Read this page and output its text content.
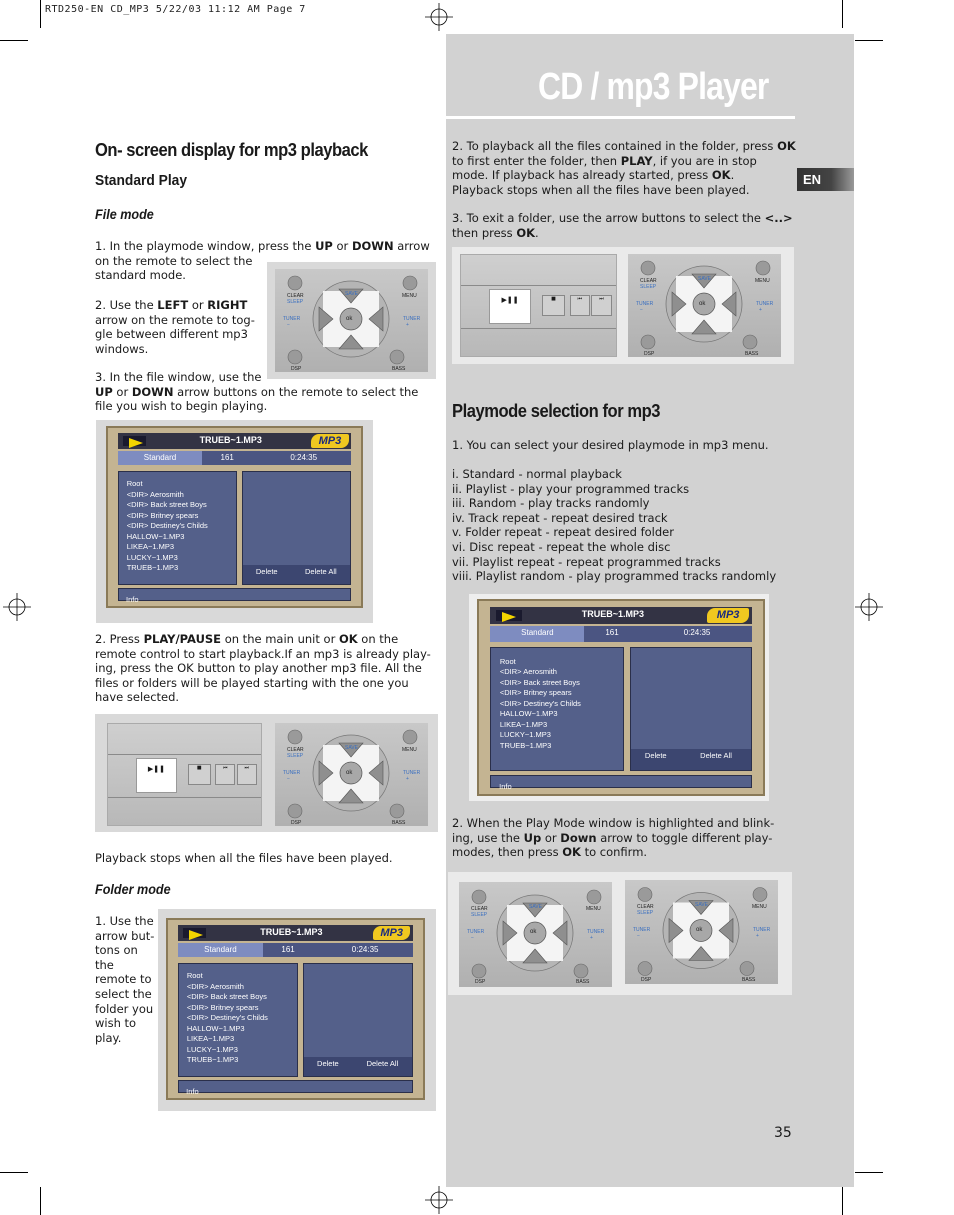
RTD250-EN CD_MP3 5/22/03 11:12 AM Page 7
CD / mp3 Player
EN
On- screen display for mp3 playback
Standard Play
File mode
1. In the playmode window, press the UP or DOWN arrow
on the remote to select the
standard mode.
2. Use the LEFT or RIGHT
arrow on the remote to tog-
gle between different mp3
windows.
3. In the file window, use the
UP or DOWN arrow buttons on the remote to select the
file you wish to begin playing.
CLEAR
SLEEP
SAVE	MENU
TUNER
−
TUNER
+
ok
DSP	BASS
TRUEB~1.MP3	MP3
Standard	161	0:24:35
Root
<DIR> Aerosmith
<DIR> Back street Boys
<DIR> Britney spears
<DIR> Destiney's Childs
HALLOW~1.MP3
LIKEA~1.MP3
LUCKY~1.MP3
TRUEB~1.MP3	Delete	Delete All
Info
2. Press PLAY/PAUSE on the main unit or OK on the
remote control to start playback.If an mp3 is already play-
ing, press the OK button to play another mp3 file. All the
files or folders will be played starting with the one you
have selected.
▶❚❚	■	⏮	⏭
CLEAR
SLEEP
SAVE	MENU
TUNER
−
TUNER
+
ok
DSP	BASS
Playback stops when all the files have been played.
Folder mode
1. Use the
arrow but-
tons on
the
remote to
select the
folder you
wish to
play.
TRUEB~1.MP3	MP3
Standard	161	0:24:35
Root
<DIR> Aerosmith
<DIR> Back street Boys
<DIR> Britney spears
<DIR> Destiney's Childs
HALLOW~1.MP3
LIKEA~1.MP3
LUCKY~1.MP3
TRUEB~1.MP3	Delete	Delete All
Info
2. To playback all the files contained in the folder, press OK
to first enter the folder, then PLAY, if you are in stop
mode. If playback has already started, press OK.
Playback stops when all the files have been played.
3. To exit a folder, use the arrow buttons to select the <..>
then press OK.
▶❚❚	■	⏮	⏭
CLEAR
SLEEP
SAVE	MENU
TUNER
−
TUNER
+
ok
DSP	BASS
Playmode selection for mp3
1. You can select your desired playmode in mp3 menu.
i. Standard - normal playback
ii. Playlist - play your programmed tracks
iii. Random - play tracks randomly
iv. Track repeat - repeat desired track
v. Folder repeat - repeat desired folder
vi. Disc repeat - repeat the whole disc
vii. Playlist repeat - repeat programmed tracks
viii. Playlist random - play programmed tracks randomly
TRUEB~1.MP3	MP3
Standard	161	0:24:35
Root
<DIR> Aerosmith
<DIR> Back street Boys
<DIR> Britney spears
<DIR> Destiney's Childs
HALLOW~1.MP3
LIKEA~1.MP3
LUCKY~1.MP3
TRUEB~1.MP3
Delete	Delete All
Info
2. When the Play Mode window is highlighted and blink-
ing, use the Up or Down arrow to toggle different play-
modes, then press OK to confirm.
CLEAR
SLEEP
SAVE	MENU
TUNER
−
TUNER
+
ok
DSP	BASS
CLEAR
SLEEP
SAVE	MENU
TUNER
−
TUNER
+
ok
DSP	BASS
35
